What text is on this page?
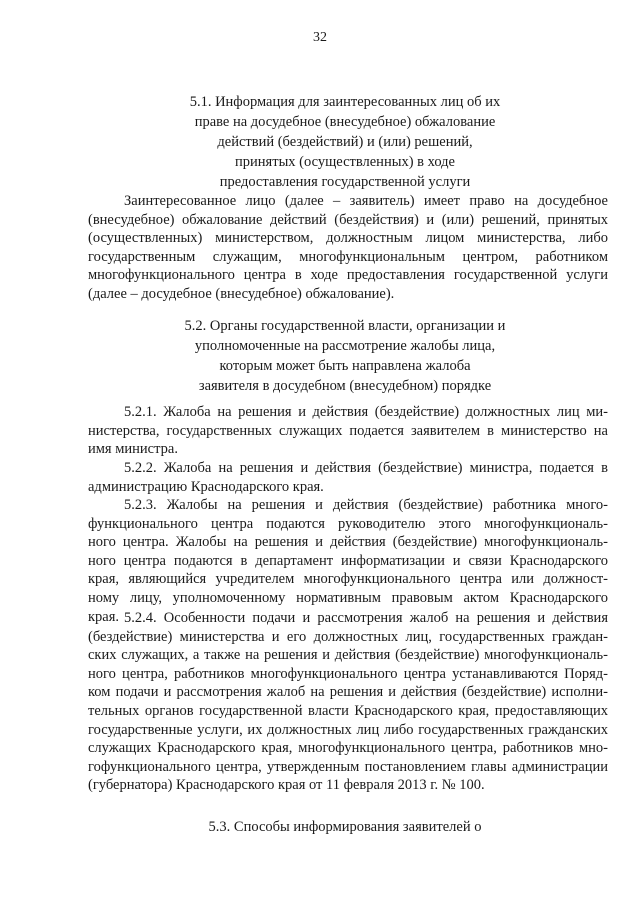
32
5.1. Информация для заинтересованных лиц об их
праве на досудебное (внесудебное) обжалование
действий (бездействий) и (или) решений,
принятых (осуществленных) в ходе
предоставления государственной услуги
Заинтересованное лицо (далее – заявитель) имеет право на досудебное
(внесудебное) обжалование действий (бездействия) и (или) решений, принятых
(осуществленных) министерством, должностным лицом министерства, либо
государственным служащим, многофункциональным центром, работником
многофункционального центра в ходе предоставления государственной услуги
(далее – досудебное (внесудебное) обжалование).
5.2. Органы государственной власти, организации и
уполномоченные на рассмотрение жалобы лица,
которым может быть направлена жалоба
заявителя в досудебном (внесудебном) порядке
5.2.1. Жалоба на решения и действия (бездействие) должностных лиц ми-
нистерства, государственных служащих подается заявителем в министерство на
имя министра.
5.2.2. Жалоба на решения и действия (бездействие) министра, подается в
администрацию Краснодарского края.
5.2.3. Жалобы на решения и действия (бездействие) работника много-
функционального центра подаются руководителю этого многофункциональ-
ного центра. Жалобы на решения и действия (бездействие) многофункциональ-
ного центра подаются в департамент информатизации и связи Краснодарского
края, являющийся учредителем многофункционального центра или должност-
ному лицу, уполномоченному нормативным правовым актом Краснодарского
края. 5.2.4. Особенности подачи и рассмотрения жалоб на решения и действия
(бездействие) министерства и его должностных лиц, государственных граждан-
ских служащих, а также на решения и действия (бездействие) многофункциональ-
ного центра, работников многофункционального центра устанавливаются Поряд-
ком подачи и рассмотрения жалоб на решения и действия (бездействие) исполни-
тельных органов государственной власти Краснодарского края, предоставляющих
государственные услуги, их должностных лиц либо государственных гражданских
служащих Краснодарского края, многофункционального центра, работников мно-
гофункционального центра, утвержденным постановлением главы администрации
(губернатора) Краснодарского края от 11 февраля 2013 г. № 100.
5.3. Способы информирования заявителей о
